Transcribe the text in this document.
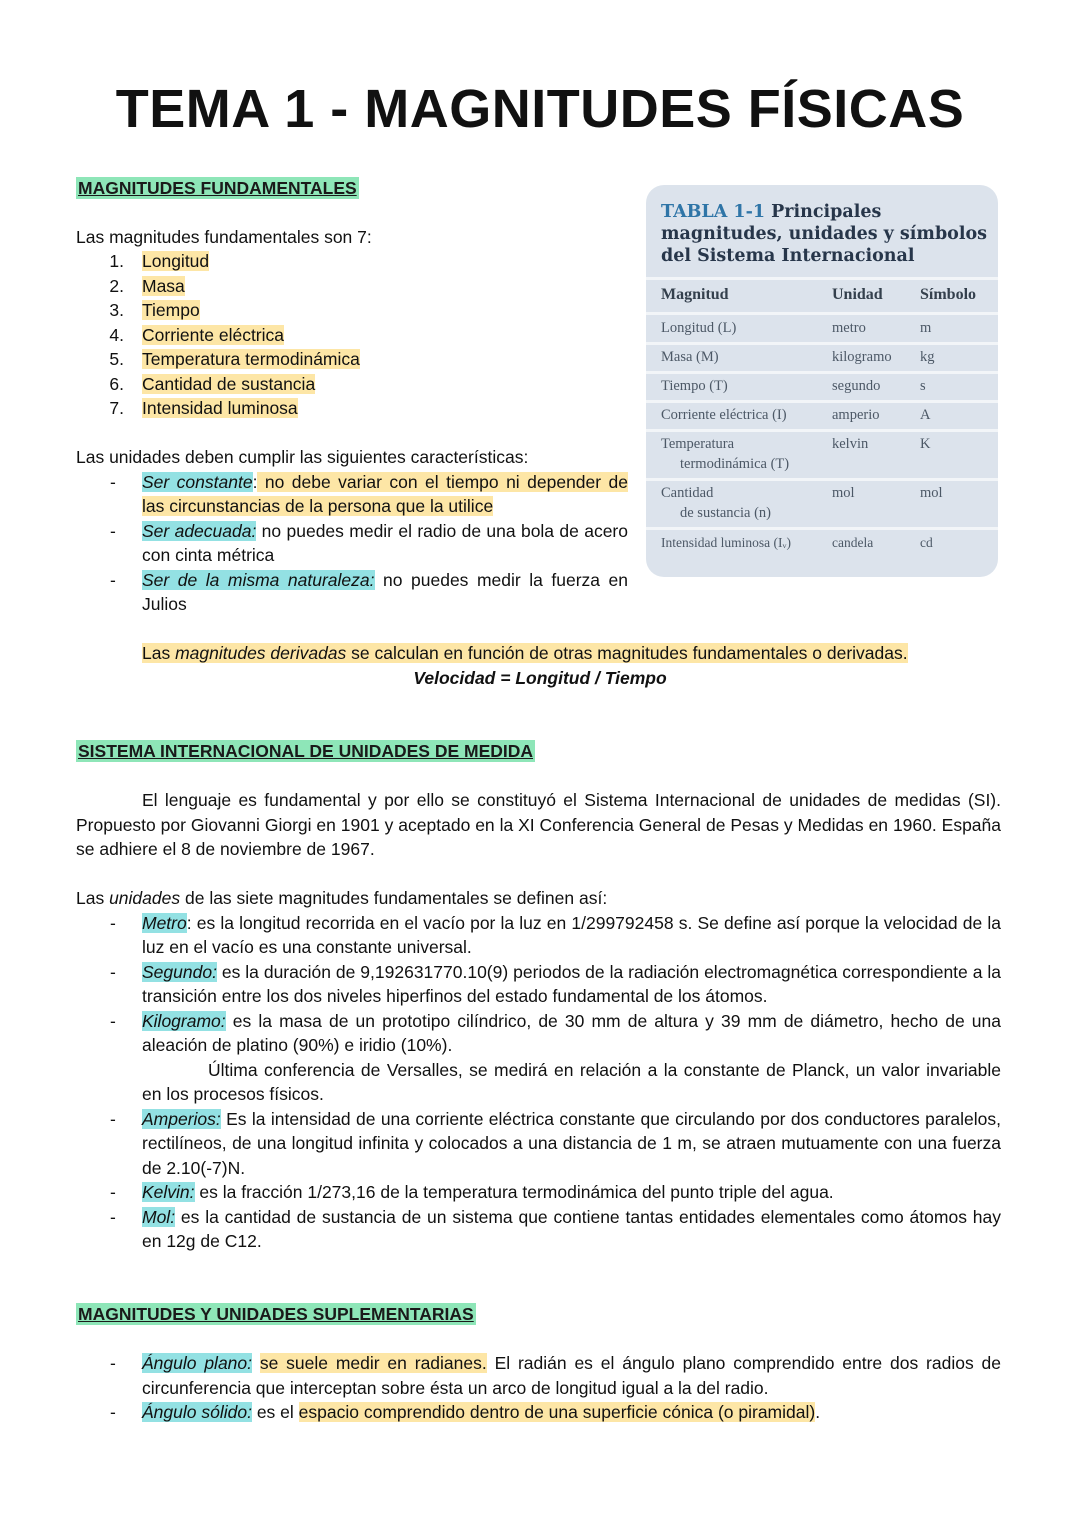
TEMA 1 - MAGNITUDES FÍSICAS
MAGNITUDES FUNDAMENTALES
Las magnitudes fundamentales son 7:
1. Longitud
2. Masa
3. Tiempo
4. Corriente eléctrica
5. Temperatura termodinámica
6. Cantidad de sustancia
7. Intensidad luminosa
Las unidades deben cumplir las siguientes características:
- Ser constante: no debe variar con el tiempo ni depender de las circunstancias de la persona que la utilice
- Ser adecuada: no puedes medir el radio de una bola de acero con cinta métrica
- Ser de la misma naturaleza: no puedes medir la fuerza en Julios
Las magnitudes derivadas se calculan en función de otras magnitudes fundamentales o derivadas.
Velocidad = Longitud / Tiempo
TABLA 1-1 Principales magnitudes, unidades y símbolos del Sistema Internacional
Magnitud	Unidad Símbolo
Longitud (L)	metro	m
Masa (M)	kilogramo kg
Tiempo (T)	segundo	s
Corriente eléctrica (I)	amperio	A
Temperatura
termodinámica (T)
kelvin	K
Cantidad
de sustancia (n)
mol	mol
Intensidad luminosa (Iᵥ)	candela	cd
SISTEMA INTERNACIONAL DE UNIDADES DE MEDIDA
El lenguaje es fundamental y por ello se constituyó el Sistema Internacional de unidades de medidas (SI). Propuesto por Giovanni Giorgi en 1901 y aceptado en la XI Conferencia General de Pesas y Medidas en 1960. España se adhiere el 8 de noviembre de 1967.
Las unidades de las siete magnitudes fundamentales se definen así:
- Metro: es la longitud recorrida en el vacío por la luz en 1/299792458 s. Se define así porque la velocidad de la luz en el vacío es una constante universal.
- Segundo: es la duración de 9,192631770.10(9) periodos de la radiación electromagnética correspondiente a la transición entre los dos niveles hiperfinos del estado fundamental de los átomos.
- Kilogramo: es la masa de un prototipo cilíndrico, de 30 mm de altura y 39 mm de diámetro, hecho de una aleación de platino (90%) e iridio (10%).
Última conferencia de Versalles, se medirá en relación a la constante de Planck, un valor invariable en los procesos físicos.
- Amperios: Es la intensidad de una corriente eléctrica constante que circulando por dos conductores paralelos, rectilíneos, de una longitud infinita y colocados a una distancia de 1 m, se atraen mutuamente con una fuerza de 2.10(-7)N.
- Kelvin: es la fracción 1/273,16 de la temperatura termodinámica del punto triple del agua.
- Mol: es la cantidad de sustancia de un sistema que contiene tantas entidades elementales como átomos hay en 12g de C12.
MAGNITUDES Y UNIDADES SUPLEMENTARIAS
- Ángulo plano: se suele medir en radianes. El radián es el ángulo plano comprendido entre dos radios de circunferencia que interceptan sobre ésta un arco de longitud igual a la del radio.
- Ángulo sólido: es el espacio comprendido dentro de una superficie cónica (o piramidal).
